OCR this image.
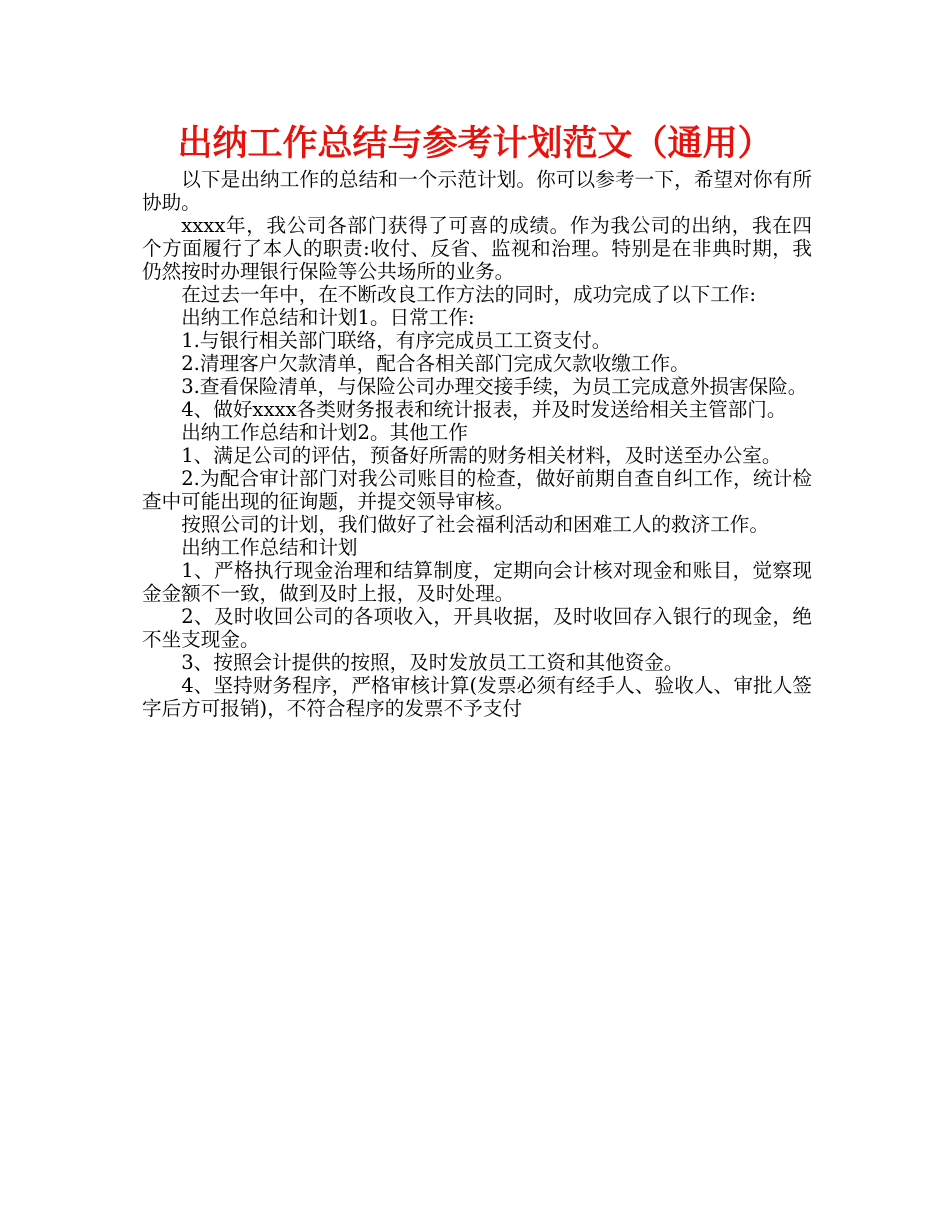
出纳工作总结与参考计划范文（通用）

以下是出纳工作的总结和一个示范计划。你可以参考一下，希望对你有所协助。

xxxx年，我公司各部门获得了可喜的成绩。作为我公司的出纳，我在四个方面履行了本人的职责:收付、反省、监视和治理。特别是在非典时期，我仍然按时办理银行保险等公共场所的业务。

在过去一年中，在不断改良工作方法的同时，成功完成了以下工作:

出纳工作总结和计划1。日常工作:

1.与银行相关部门联络，有序完成员工工资支付。

2.清理客户欠款清单，配合各相关部门完成欠款收缴工作。

3.查看保险清单，与保险公司办理交接手续，为员工完成意外损害保险。

4、做好xxxx各类财务报表和统计报表，并及时发送给相关主管部门。

出纳工作总结和计划2。其他工作

1、满足公司的评估，预备好所需的财务相关材料，及时送至办公室。

2.为配合审计部门对我公司账目的检查，做好前期自查自纠工作，统计检查中可能出现的征询题，并提交领导审核。

按照公司的计划，我们做好了社会福利活动和困难工人的救济工作。

出纳工作总结和计划

1、严格执行现金治理和结算制度，定期向会计核对现金和账目，觉察现金金额不一致，做到及时上报，及时处理。

2、及时收回公司的各项收入，开具收据，及时收回存入银行的现金，绝不坐支现金。

3、按照会计提供的按照，及时发放员工工资和其他资金。

4、坚持财务程序，严格审核计算(发票必须有经手人、验收人、审批人签字后方可报销)，不符合程序的发票不予支付
